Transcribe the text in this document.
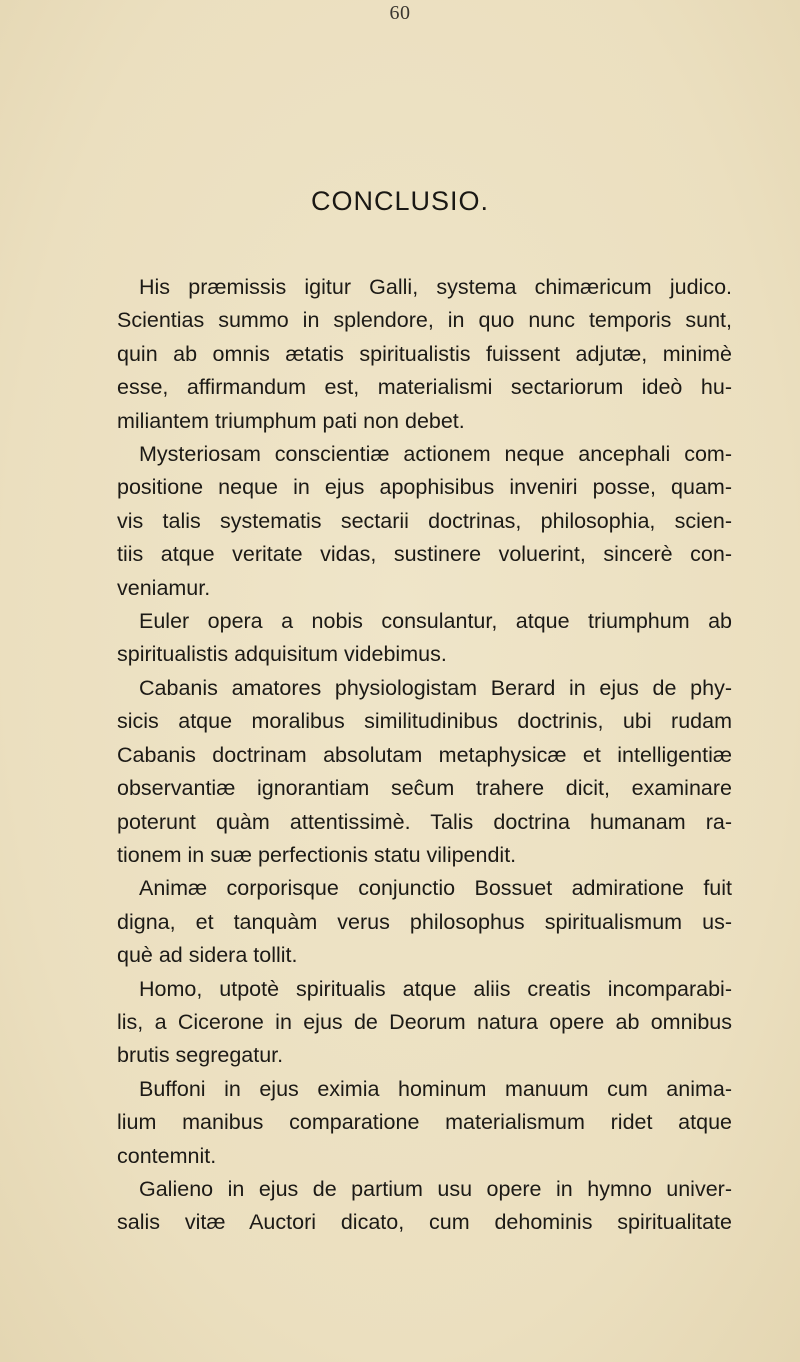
60
CONCLUSIO.
His præmissis igitur Galli, systema chimæricum judico.
Scientias summo in splendore, in quo nunc temporis sunt,
quin ab omnis ætatis spiritualistis fuissent adjutæ, minimè
esse, affirmandum est, materialismi sectariorum ideò hu-
miliantem triumphum pati non debet.
Mysteriosam conscientiæ actionem neque ancephali com-
positione neque in ejus apophisibus inveniri posse, quam-
vis talis systematis sectarii doctrinas, philosophia, scien-
tiis atque veritate vidas, sustinere voluerint, sincerè con-
veniamur.
Euler opera a nobis consulantur, atque triumphum ab
spiritualistis adquisitum videbimus.
Cabanis amatores physiologistam Berard in ejus de phy-
sicis atque moralibus similitudinibus doctrinis, ubi rudam
Cabanis doctrinam absolutam metaphysicæ et intelligentiæ
observantiæ ignorantiam seĉum trahere dicit, examinare
poterunt quàm attentissimè. Talis doctrina humanam ra-
tionem in suæ perfectionis statu vilipendit.
Animæ corporisque conjunctio Bossuet admiratione fuit
digna, et tanquàm verus philosophus spiritualismum us-
què ad sidera tollit.
Homo, utpotè spiritualis atque aliis creatis incomparabi-
lis, a Cicerone in ejus de Deorum natura opere ab omnibus
brutis segregatur.
Buffoni in ejus eximia hominum manuum cum anima-
lium manibus comparatione materialismum ridet atque
contemnit.
Galieno in ejus de partium usu opere in hymno univer-
salis vitæ Auctori dicato, cum dehominis spiritualitate
